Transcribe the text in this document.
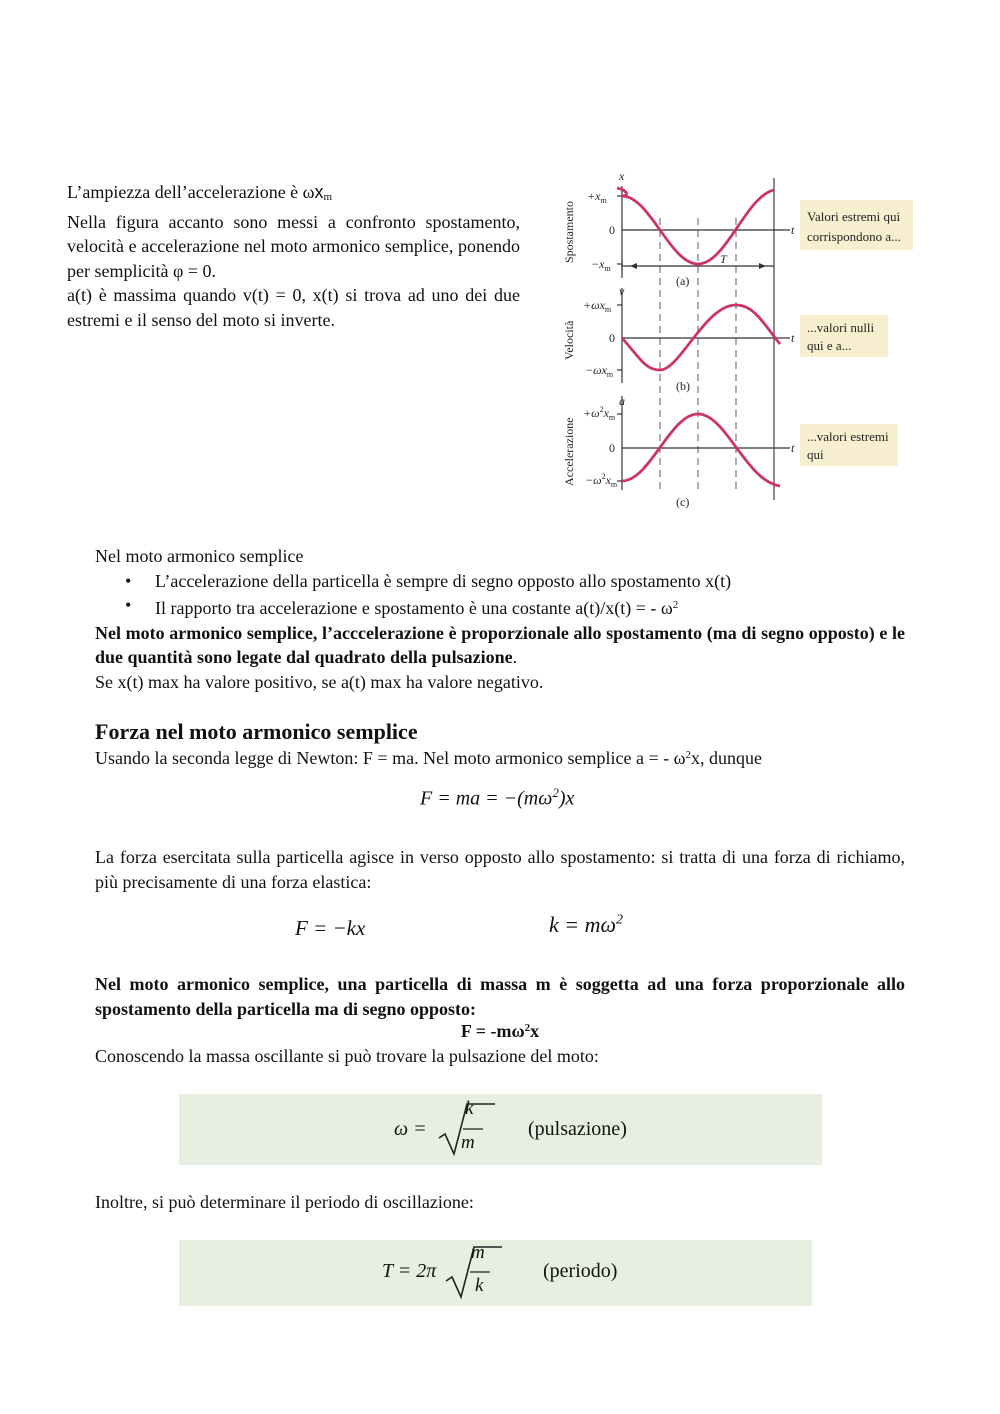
L’ampiezza dell’accelerazione è $\omega x_m$
Nella figura accanto sono messi a confronto spostamento, velocità e accelerazione nel moto armonico semplice, ponendo per semplicità φ = 0.
a(t) è massima quando v(t) = 0, x(t) si trova ad uno dei due estremi e il senso del moto si inverte.
x
v
a
t
t
t
Spostamento
Velocità
Accelerazione
$+x_m$
0
$-x_m$
T
(a)
$+\omega x_m$
0
$-\omega x_m$
(b)
$+\omega^2x_m$
0
$-\omega^2x_m$
(c)
Valori estremi qui
corrispondono a...
...valori nulli
qui e a...
...valori estremi
qui
Nel moto armonico semplice
• L’accelerazione della particella è sempre di segno opposto allo spostamento x(t)
• Il rapporto tra accelerazione e spostamento è una costante a(t)/x(t) = - $\omega^2$
Nel moto armonico semplice, l’acccelerazione è proporzionale allo spostamento (ma di segno opposto) e le due quantità sono legate dal quadrato della pulsazione.
Se x(t) max ha valore positivo, se a(t) max ha valore negativo.
Forza nel moto armonico semplice
Usando la seconda legge di Newton: F = ma. Nel moto armonico semplice a = - $\omega^2x$, dunque
F = ma = $-(m\omega^2)x$
La forza esercitata sulla particella agisce in verso opposto allo spostamento: si tratta di una forza di richiamo, più precisamente di una forza elastica:
F = −kx	$k = m\omega^2$
Nel moto armonico semplice, una particella di massa m è soggetta ad una forza proporzionale allo spostamento della particella ma di segno opposto:
$F = -m\omega^2x$
Conoscendo la massa oscillante si può trovare la pulsazione del moto:
ω =
k
m
(pulsazione)
Inoltre, si può determinare il periodo di oscillazione:
T = 2π
m
k
(periodo)
